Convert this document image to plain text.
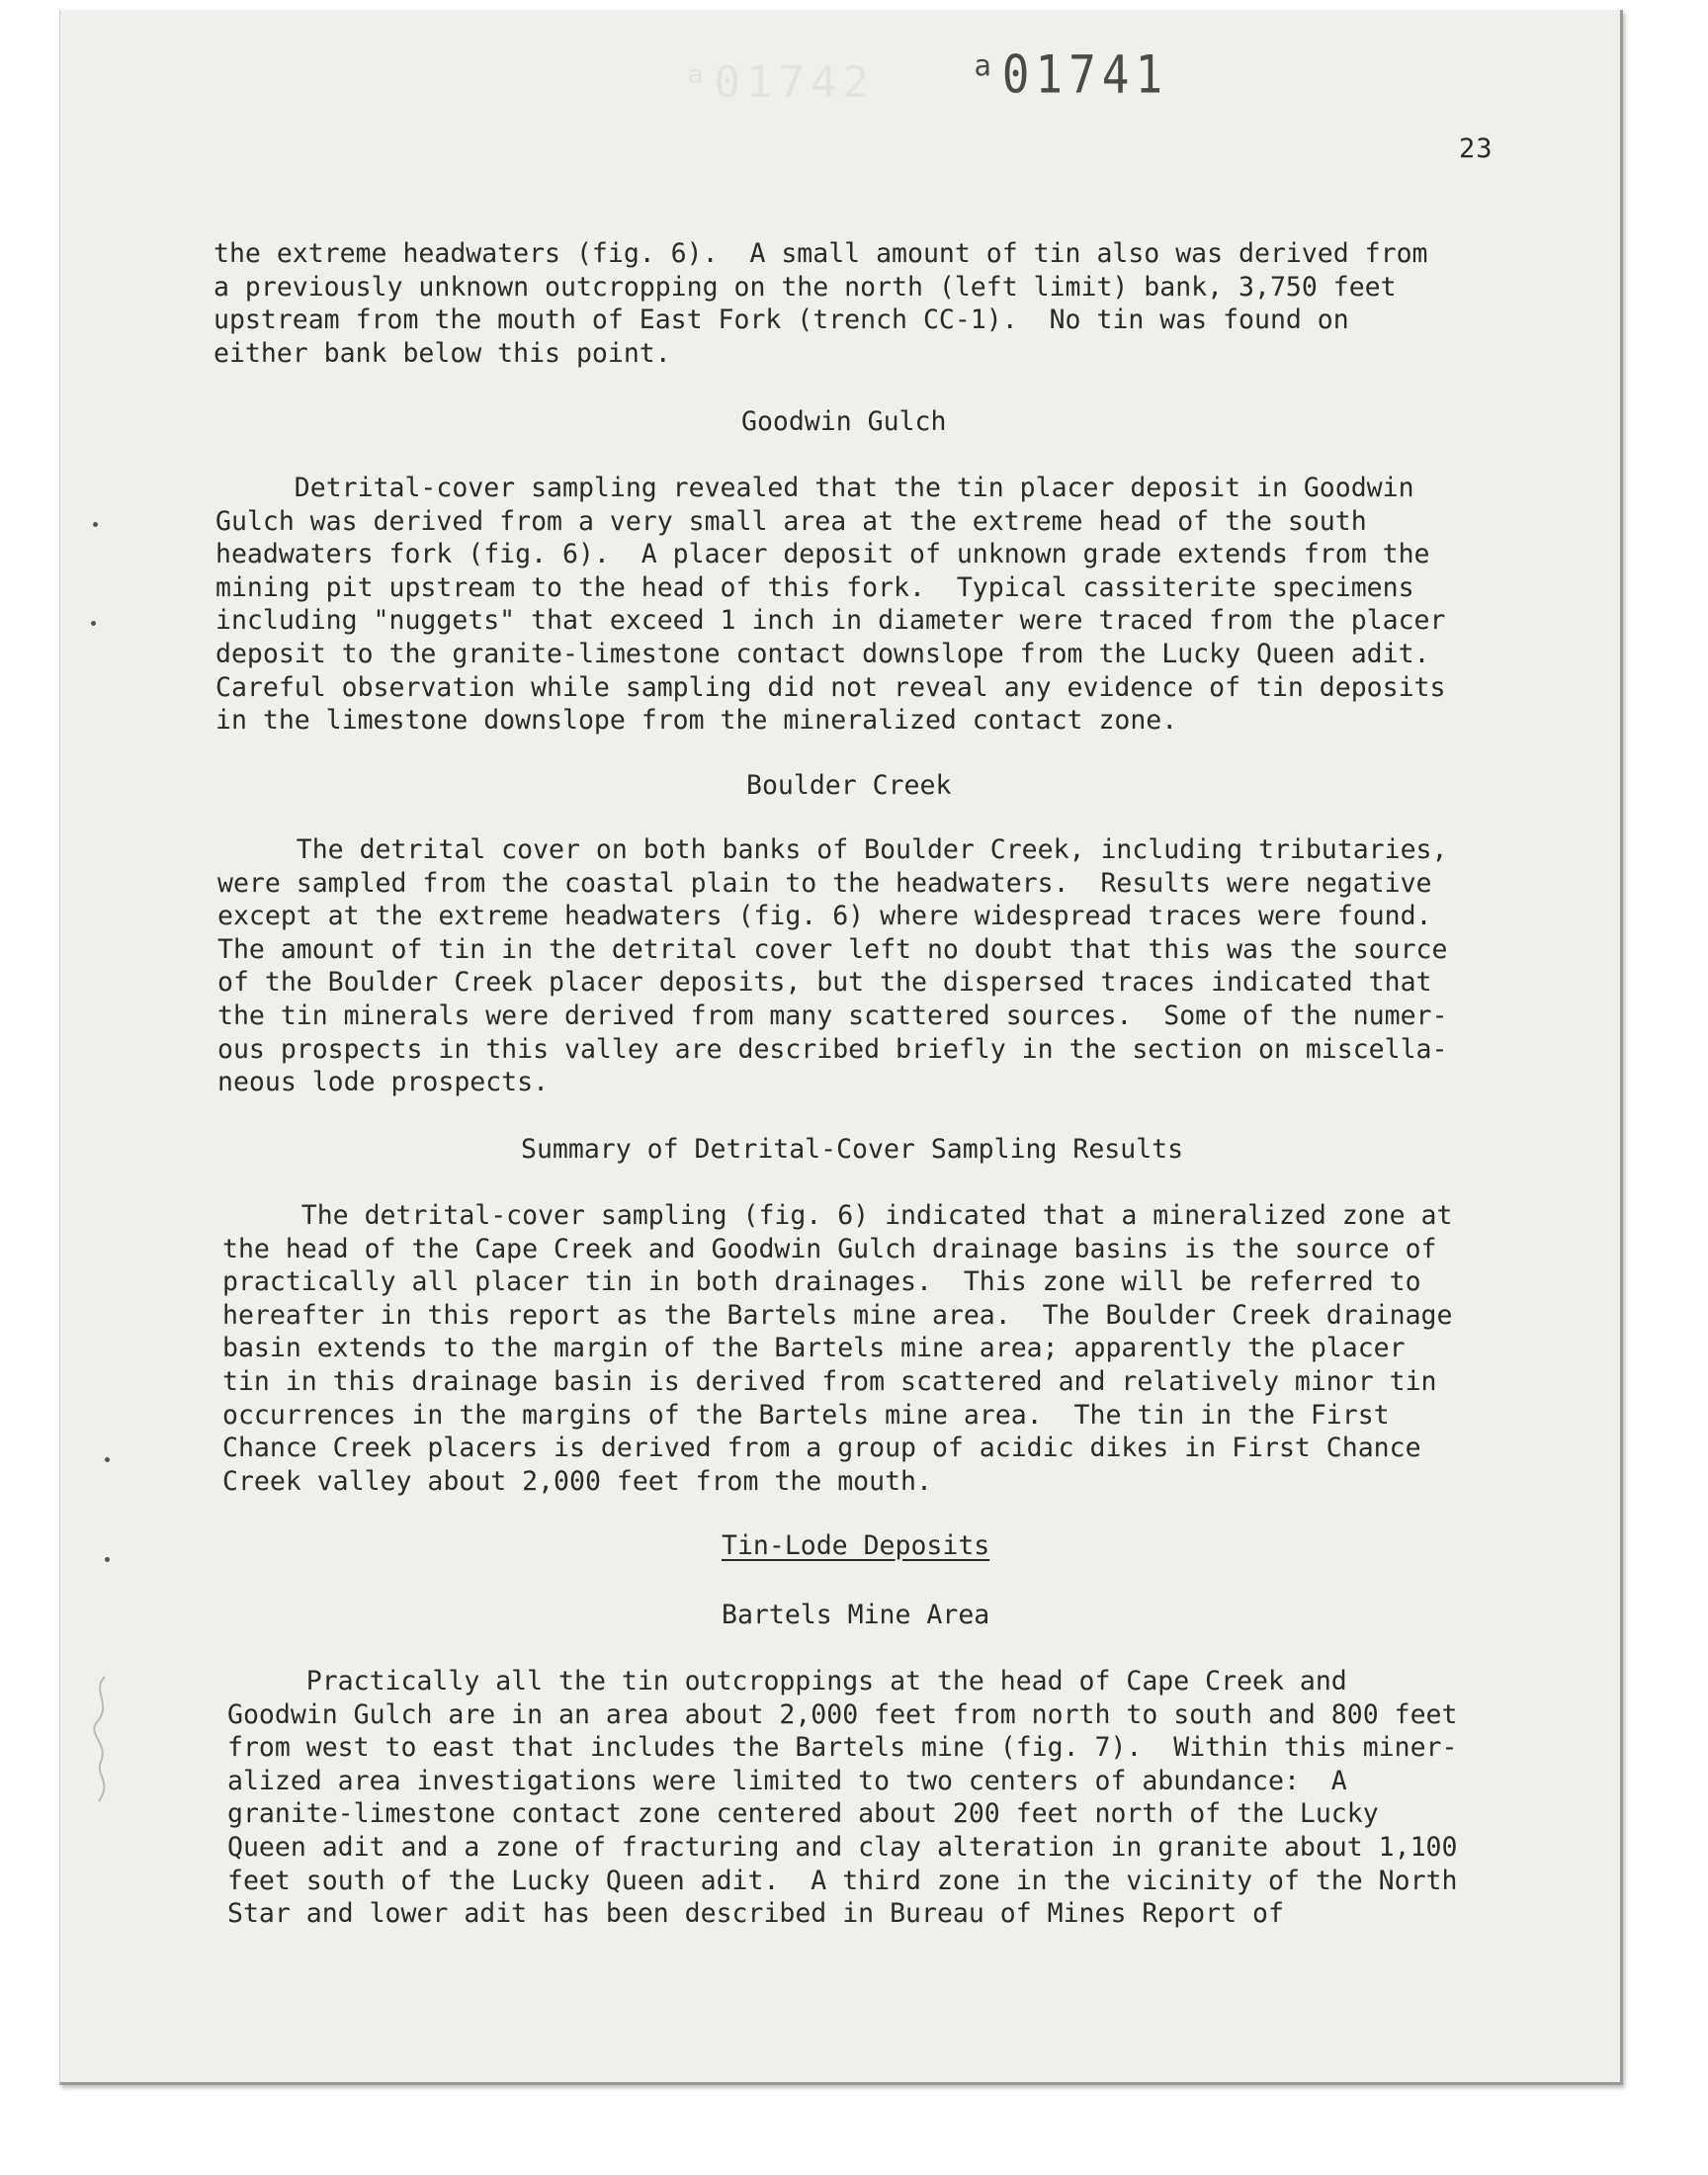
ᵃ01742 ᵃ01741
23

the extreme headwaters (fig. 6).  A small amount of tin also was derived from
a previously unknown outcropping on the north (left limit) bank, 3,750 feet
upstream from the mouth of East Fork (trench CC-1).  No tin was found on
either bank below this point.

Goodwin Gulch

Detrital-cover sampling revealed that the tin placer deposit in Goodwin
Gulch was derived from a very small area at the extreme head of the south
headwaters fork (fig. 6).  A placer deposit of unknown grade extends from the
mining pit upstream to the head of this fork.  Typical cassiterite specimens
including "nuggets" that exceed 1 inch in diameter were traced from the placer
deposit to the granite-limestone contact downslope from the Lucky Queen adit.
Careful observation while sampling did not reveal any evidence of tin deposits
in the limestone downslope from the mineralized contact zone.

Boulder Creek

The detrital cover on both banks of Boulder Creek, including tributaries,
were sampled from the coastal plain to the headwaters.  Results were negative
except at the extreme headwaters (fig. 6) where widespread traces were found.
The amount of tin in the detrital cover left no doubt that this was the source
of the Boulder Creek placer deposits, but the dispersed traces indicated that
the tin minerals were derived from many scattered sources.  Some of the numer-
ous prospects in this valley are described briefly in the section on miscella-
neous lode prospects.

Summary of Detrital-Cover Sampling Results

The detrital-cover sampling (fig. 6) indicated that a mineralized zone at
the head of the Cape Creek and Goodwin Gulch drainage basins is the source of
practically all placer tin in both drainages.  This zone will be referred to
hereafter in this report as the Bartels mine area.  The Boulder Creek drainage
basin extends to the margin of the Bartels mine area; apparently the placer
tin in this drainage basin is derived from scattered and relatively minor tin
occurrences in the margins of the Bartels mine area.  The tin in the First
Chance Creek placers is derived from a group of acidic dikes in First Chance
Creek valley about 2,000 feet from the mouth.

Tin-Lode Deposits

Bartels Mine Area

Practically all the tin outcroppings at the head of Cape Creek and
Goodwin Gulch are in an area about 2,000 feet from north to south and 800 feet
from west to east that includes the Bartels mine (fig. 7).  Within this miner-
alized area investigations were limited to two centers of abundance:  A
granite-limestone contact zone centered about 200 feet north of the Lucky
Queen adit and a zone of fracturing and clay alteration in granite about 1,100
feet south of the Lucky Queen adit.  A third zone in the vicinity of the North
Star and lower adit has been described in Bureau of Mines Report of
